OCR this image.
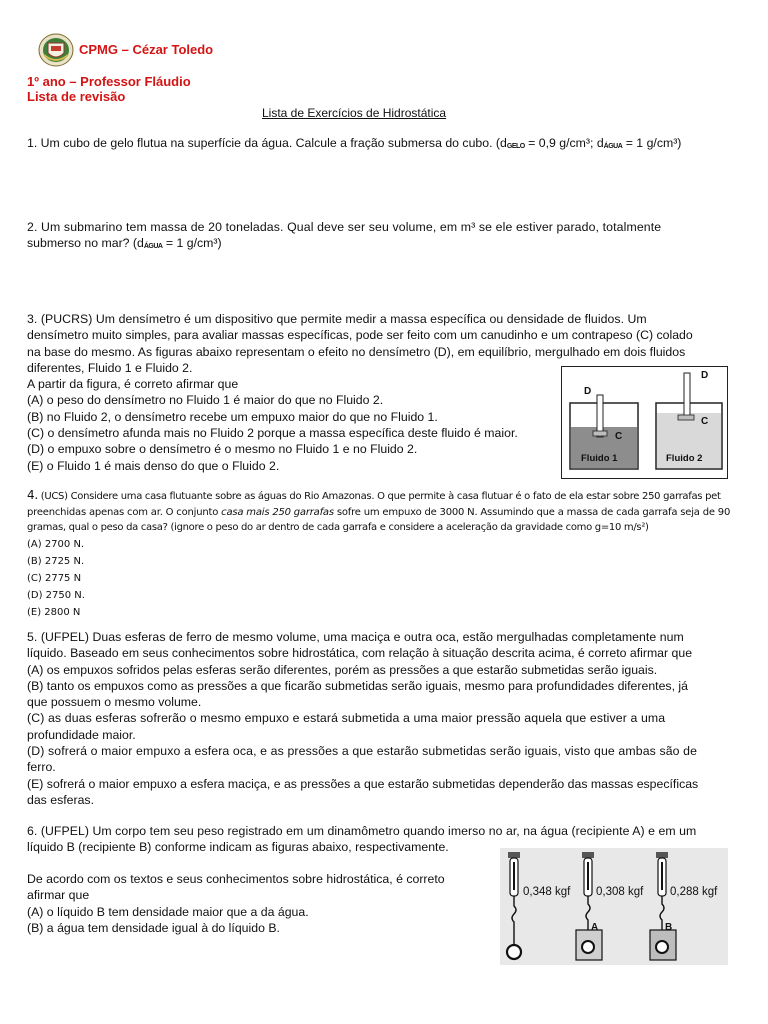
CPMG – Cézar Toledo
1º ano – Professor Fláudio
Lista de revisão
Lista de Exercícios de Hidrostática
1. Um cubo de gelo flutua na superfície da água. Calcule a fração submersa do cubo. ($d_{GELO} = 0,9$ g/cm³; $d_{ÁGUA} = 1$ g/cm³)
2. Um submarino tem massa de 20 toneladas. Qual deve ser seu volume, em m³ se ele estiver parado, totalmente
submerso no mar? ($d_{ÁGUA} = 1$ g/cm³)
3. (PUCRS) Um densímetro é um dispositivo que permite medir a massa específica ou densidade de fluidos. Um
densímetro muito simples, para avaliar massas específicas, pode ser feito com um canudinho e um contrapeso (C) colado
na base do mesmo. As figuras abaixo representam o efeito no densímetro (D), em equilíbrio, mergulhado em dois fluidos
diferentes, Fluido 1 e Fluido 2.
A partir da figura, é correto afirmar que
(A) o peso do densímetro no Fluido 1 é maior do que no Fluido 2.
(B) no Fluido 2, o densímetro recebe um empuxo maior do que no Fluido 1.
(C) o densímetro afunda mais no Fluido 2 porque a massa específica deste fluido é maior.
(D) o empuxo sobre o densímetro é o mesmo no Fluido 1 e no Fluido 2.
(E) o Fluido 1 é mais denso do que o Fluido 2.
D
C
Fluido 1
D
C
Fluido 2
4. (UCS) Considere uma casa flutuante sobre as águas do Rio Amazonas. O que permite à casa flutuar é o fato de ela estar sobre 250 garrafas pet
preenchidas apenas com ar. O conjunto casa mais 250 garrafas sofre um empuxo de 3000 N. Assumindo que a massa de cada garrafa seja de 90
gramas, qual o peso da casa? (ignore o peso do ar dentro de cada garrafa e considere a aceleração da gravidade como g=10 m/s²)
(A) 2700 N.
(B) 2725 N.
(C) 2775 N
(D) 2750 N.
(E) 2800 N
5. (UFPEL) Duas esferas de ferro de mesmo volume, uma maciça e outra oca, estão mergulhadas completamente num
líquido. Baseado em seus conhecimentos sobre hidrostática, com relação à situação descrita acima, é correto afirmar que
(A) os empuxos sofridos pelas esferas serão diferentes, porém as pressões a que estarão submetidas serão iguais.
(B) tanto os empuxos como as pressões a que ficarão submetidas serão iguais, mesmo para profundidades diferentes, já
que possuem o mesmo volume.
(C) as duas esferas sofrerão o mesmo empuxo e estará submetida a uma maior pressão aquela que estiver a uma
profundidade maior.
(D) sofrerá o maior empuxo a esfera oca, e as pressões a que estarão submetidas serão iguais, visto que ambas são de
ferro.
(E) sofrerá o maior empuxo a esfera maciça, e as pressões a que estarão submetidas dependerão das massas específicas
das esferas.
6. (UFPEL) Um corpo tem seu peso registrado em um dinamômetro quando imerso no ar, na água (recipiente A) e em um
líquido B (recipiente B) conforme indicam as figuras abaixo, respectivamente.
De acordo com os textos e seus conhecimentos sobre hidrostática, é correto
afirmar que
(A) o líquido B tem densidade maior que a da água.
(B) a água tem densidade igual à do líquido B.
0,348 kgf 0,308 kgf 0,288 kgf
A	B
